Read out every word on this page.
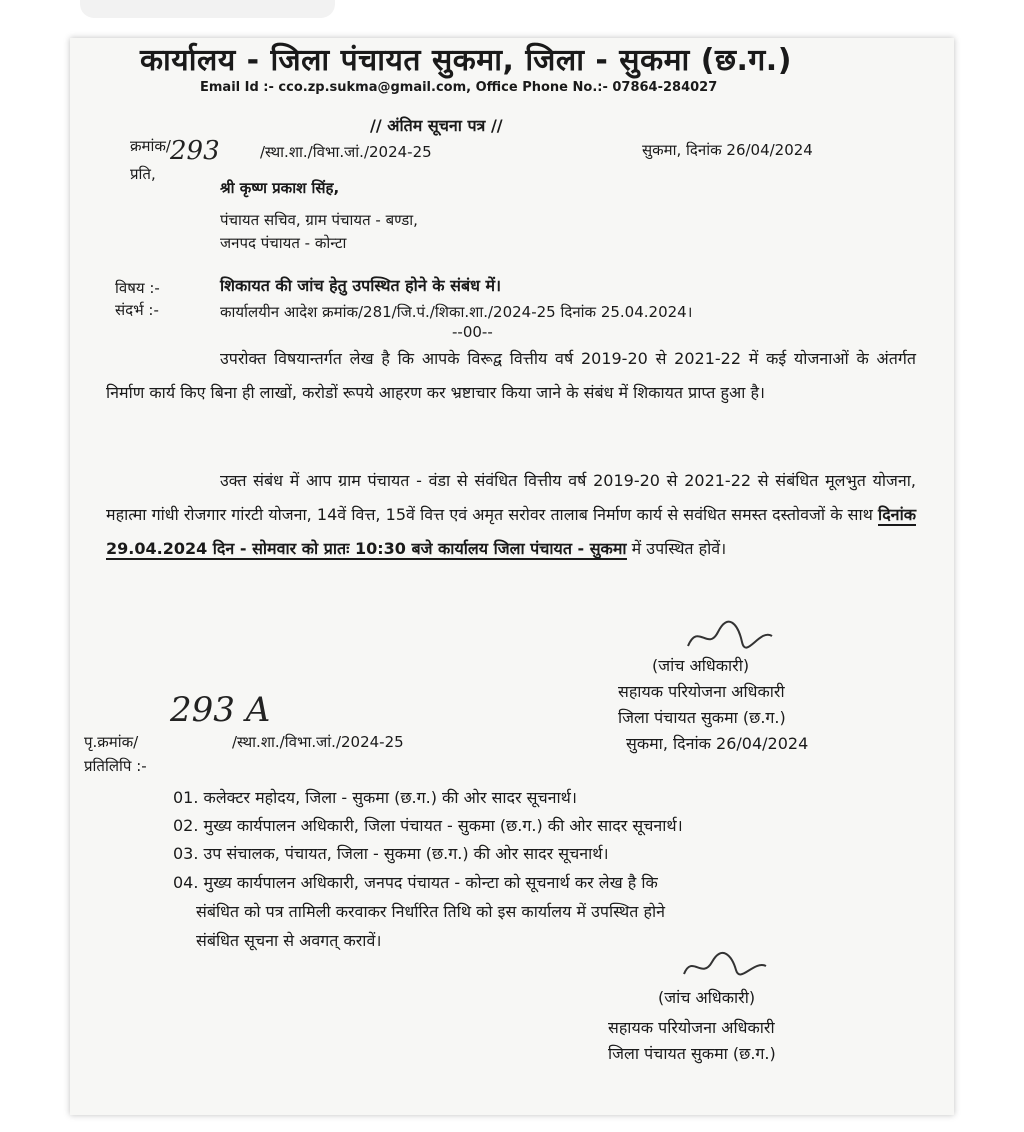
कार्यालय - जिला पंचायत सुकमा, जिला - सुकमा (छ.ग.)
Email Id :- cco.zp.sukma@gmail.com, Office Phone No.:- 07864-284027
// अंतिम सूचना पत्र //
क्रमांक/ 293	/स्था.शा./विभा.जां./2024-25	सुकमा, दिनांक 26/04/2024
प्रति,
श्री कृष्ण प्रकाश सिंह,
पंचायत सचिव, ग्राम पंचायत - बण्डा,
जनपद पंचायत - कोन्टा
विषय :-	शिकायत की जांच हेतु उपस्थित होने के संबंध में।
संदर्भ :-	कार्यालयीन आदेश क्रमांक/281/जि.पं./शिका.शा./2024-25 दिनांक 25.04.2024।
--00--
उपरोक्त विषयान्तर्गत लेख है कि आपके विरूद्व वित्तीय वर्ष 2019-20 से 2021-22 में कई योजनाओं के अंतर्गत निर्माण कार्य किए बिना ही लाखों, करोडों रूपये आहरण कर भ्रष्टाचार किया जाने के संबंध में शिकायत प्राप्त हुआ है।
उक्त संबंध में आप ग्राम पंचायत - वंडा से संवंधित वित्तीय वर्ष 2019-20 से 2021-22 से संबंधित मूलभुत योजना, महात्मा गांधी रोजगार गांरटी योजना, 14वें वित्त, 15वें वित्त एवं अमृत सरोवर तालाब निर्माण कार्य से सवंधित समस्त दस्तोवजों के साथ दिनांक 29.04.2024 दिन - सोमवार को प्रातः 10:30 बजे कार्यालय जिला पंचायत - सुकमा में उपस्थित होवें।
(जांच अधिकारी)
सहायक परियोजना अधिकारी
जिला पंचायत सुकमा (छ.ग.)
पृ.क्रमांक/
293 A
/स्था.शा./विभा.जां./2024-25	सुकमा, दिनांक 26/04/2024
प्रतिलिपि :-
01. कलेक्टर महोदय, जिला - सुकमा (छ.ग.) की ओर सादर सूचनार्थ।
02. मुख्य कार्यपालन अधिकारी, जिला पंचायत - सुकमा (छ.ग.) की ओर सादर सूचनार्थ।
03. उप संचालक, पंचायत, जिला - सुकमा (छ.ग.) की ओर सादर सूचनार्थ।
04. मुख्य कार्यपालन अधिकारी, जनपद पंचायत - कोन्टा को सूचनार्थ कर लेख है कि
संबंधित को पत्र तामिली करवाकर निर्धारित तिथि को इस कार्यालय में उपस्थित होने
संबंधित सूचना से अवगत् करावें।
(जांच अधिकारी)
सहायक परियोजना अधिकारी
जिला पंचायत सुकमा (छ.ग.)
